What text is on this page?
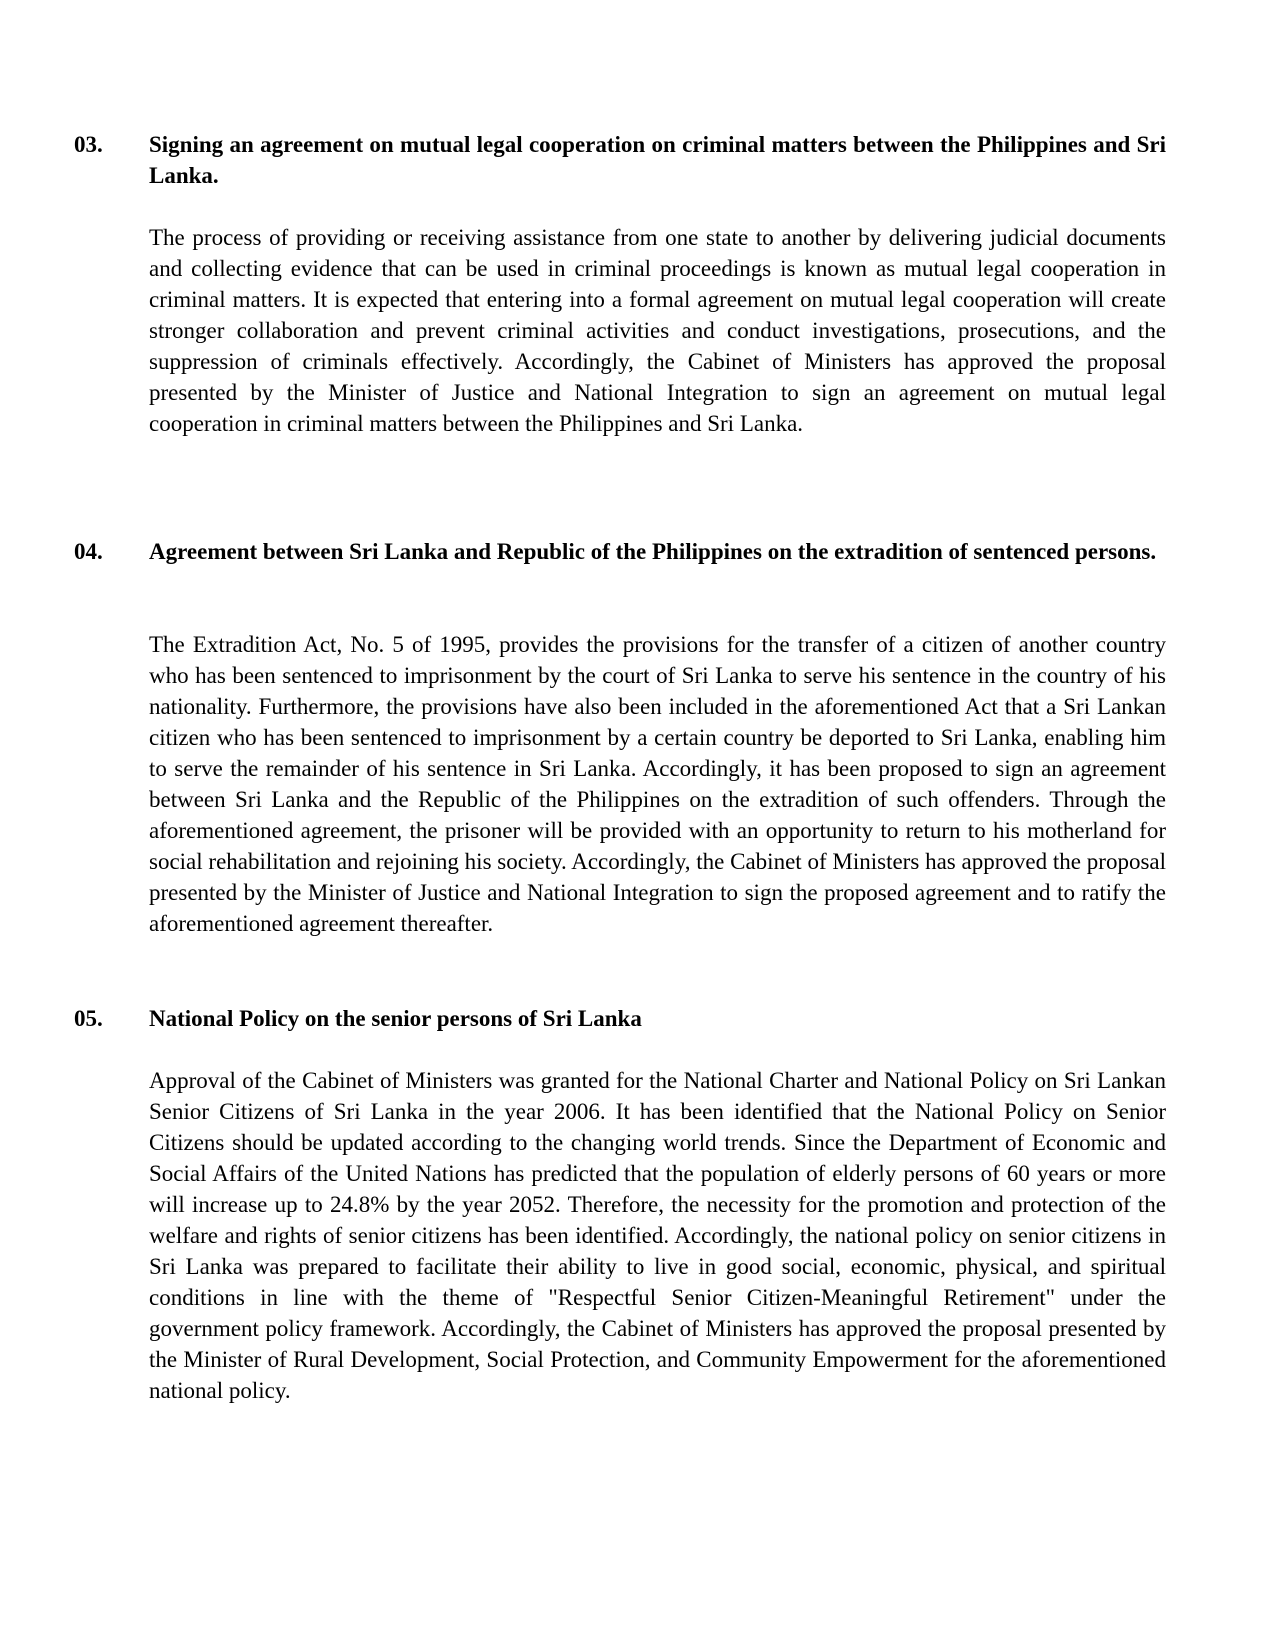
03. Signing an agreement on mutual legal cooperation on criminal matters between the Philippines and Sri Lanka.

The process of providing or receiving assistance from one state to another by delivering judicial documents and collecting evidence that can be used in criminal proceedings is known as mutual legal cooperation in criminal matters. It is expected that entering into a formal agreement on mutual legal cooperation will create stronger collaboration and prevent criminal activities and conduct investigations, prosecutions, and the suppression of criminals effectively. Accordingly, the Cabinet of Ministers has approved the proposal presented by the Minister of Justice and National Integration to sign an agreement on mutual legal cooperation in criminal matters between the Philippines and Sri Lanka.

04. Agreement between Sri Lanka and Republic of the Philippines on the extradition of sentenced persons.

The Extradition Act, No. 5 of 1995, provides the provisions for the transfer of a citizen of another country who has been sentenced to imprisonment by the court of Sri Lanka to serve his sentence in the country of his nationality. Furthermore, the provisions have also been included in the aforementioned Act that a Sri Lankan citizen who has been sentenced to imprisonment by a certain country be deported to Sri Lanka, enabling him to serve the remainder of his sentence in Sri Lanka. Accordingly, it has been proposed to sign an agreement between Sri Lanka and the Republic of the Philippines on the extradition of such offenders. Through the aforementioned agreement, the prisoner will be provided with an opportunity to return to his motherland for social rehabilitation and rejoining his society. Accordingly, the Cabinet of Ministers has approved the proposal presented by the Minister of Justice and National Integration to sign the proposed agreement and to ratify the aforementioned agreement thereafter.

05. National Policy on the senior persons of Sri Lanka

Approval of the Cabinet of Ministers was granted for the National Charter and National Policy on Sri Lankan Senior Citizens of Sri Lanka in the year 2006. It has been identified that the National Policy on Senior Citizens should be updated according to the changing world trends. Since the Department of Economic and Social Affairs of the United Nations has predicted that the population of elderly persons of 60 years or more will increase up to 24.8% by the year 2052. Therefore, the necessity for the promotion and protection of the welfare and rights of senior citizens has been identified. Accordingly, the national policy on senior citizens in Sri Lanka was prepared to facilitate their ability to live in good social, economic, physical, and spiritual conditions in line with the theme of "Respectful Senior Citizen-Meaningful Retirement" under the government policy framework. Accordingly, the Cabinet of Ministers has approved the proposal presented by the Minister of Rural Development, Social Protection, and Community Empowerment for the aforementioned national policy.
